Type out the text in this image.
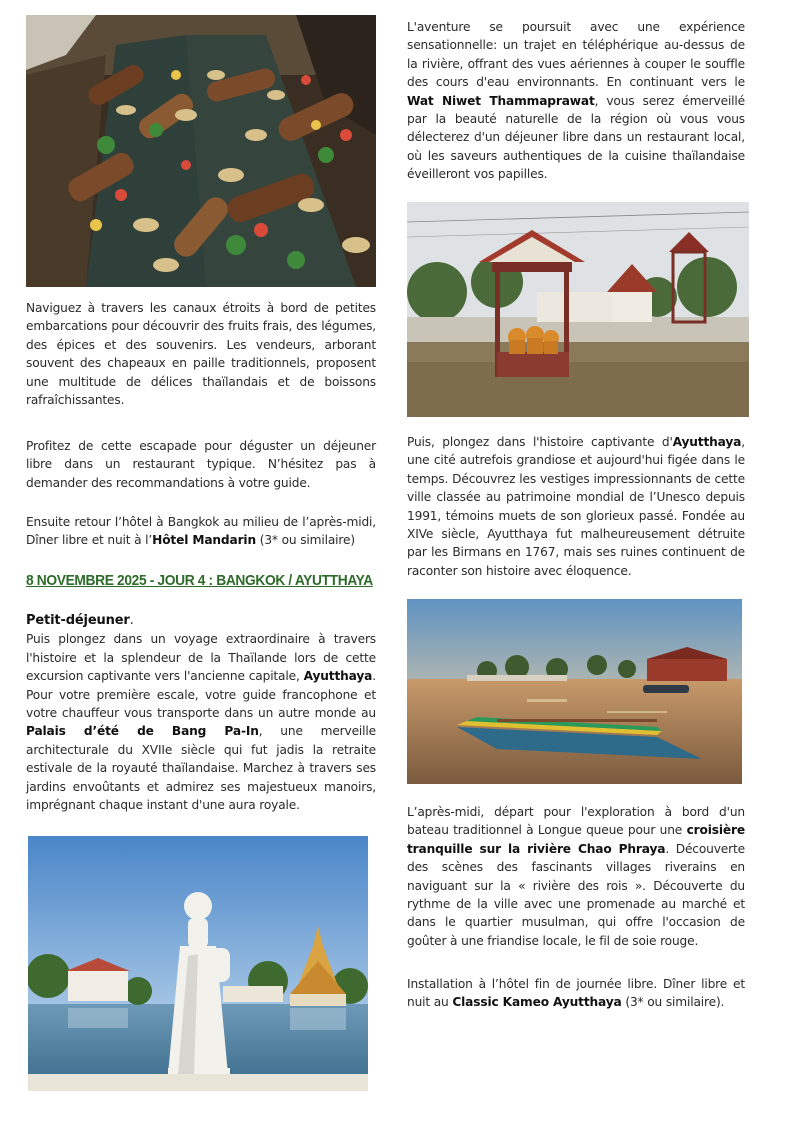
Naviguez à travers les canaux étroits à bord de petites embarcations pour découvrir des fruits frais, des légumes, des épices et des souvenirs. Les vendeurs, arborant souvent des chapeaux en paille traditionnels, proposent une multitude de délices thaïlandais et de boissons rafraîchissantes.

Profitez de cette escapade pour déguster un déjeuner libre dans un restaurant typique. N’hésitez pas à demander des recommandations à votre guide.

Ensuite retour l’hôtel à Bangkok au milieu de l’après-midi, Dîner libre et nuit à l’Hôtel Mandarin (3* ou similaire)

8 NOVEMBRE 2025 - JOUR 4 : BANGKOK / AYUTTHAYA

Petit-déjeuner.

Puis plongez dans un voyage extraordinaire à travers l'histoire et la splendeur de la Thaïlande lors de cette excursion captivante vers l'ancienne capitale, Ayutthaya. Pour votre première escale, votre guide francophone et votre chauffeur vous transporte dans un autre monde au Palais d’été de Bang Pa-In, une merveille architecturale du XVIIe siècle qui fut jadis la retraite estivale de la royauté thaïlandaise. Marchez à travers ses jardins envoûtants et admirez ses majestueux manoirs, imprégnant chaque instant d'une aura royale.

L'aventure se poursuit avec une expérience sensationnelle: un trajet en téléphérique au-dessus de la rivière, offrant des vues aériennes à couper le souffle des cours d'eau environnants. En continuant vers le Wat Niwet Thammaprawat, vous serez émerveillé par la beauté naturelle de la région où vous vous délecterez d'un déjeuner libre dans un restaurant local, où les saveurs authentiques de la cuisine thaïlandaise éveilleront vos papilles.

Puis, plongez dans l'histoire captivante d'Ayutthaya, une cité autrefois grandiose et aujourd'hui figée dans le temps. Découvrez les vestiges impressionnants de cette ville classée au patrimoine mondial de l’Unesco depuis 1991, témoins muets de son glorieux passé. Fondée au XIVe siècle, Ayutthaya fut malheureusement détruite par les Birmans en 1767, mais ses ruines continuent de raconter son histoire avec éloquence.

L’après-midi, départ pour l'exploration à bord d'un bateau traditionnel à Longue queue pour une croisière tranquille sur la rivière Chao Phraya. Découverte des scènes des fascinants villages riverains en naviguant sur la « rivière des rois ». Découverte du rythme de la ville avec une promenade au marché et dans le quartier musulman, qui offre l'occasion de goûter à une friandise locale, le fil de soie rouge.

Installation à l’hôtel fin de journée libre. Dîner libre et nuit au Classic Kameo Ayutthaya (3* ou similaire).
